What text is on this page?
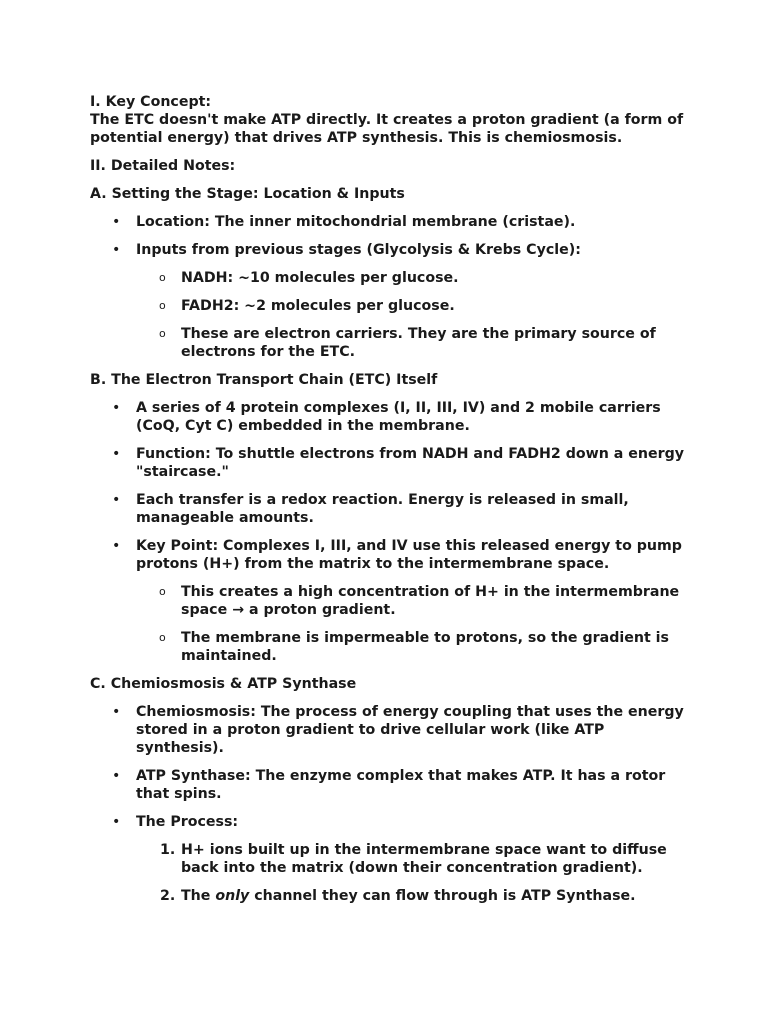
I. Key Concept:

The ETC doesn't make ATP directly. It creates a proton gradient (a form of potential energy) that drives ATP synthesis. This is chemiosmosis.

II. Detailed Notes:

A. Setting the Stage: Location & Inputs

• Location: The inner mitochondrial membrane (cristae).
• Inputs from previous stages (Glycolysis & Krebs Cycle):
o NADH: ~10 molecules per glucose.
o FADH2: ~2 molecules per glucose.
o These are electron carriers. They are the primary source of electrons for the ETC.

B. The Electron Transport Chain (ETC) Itself

• A series of 4 protein complexes (I, II, III, IV) and 2 mobile carriers (CoQ, Cyt C) embedded in the membrane.
• Function: To shuttle electrons from NADH and FADH2 down a energy "staircase."
• Each transfer is a redox reaction. Energy is released in small, manageable amounts.
• Key Point: Complexes I, III, and IV use this released energy to pump protons (H+) from the matrix to the intermembrane space.
o This creates a high concentration of H+ in the intermembrane space → a proton gradient.
o The membrane is impermeable to protons, so the gradient is maintained.

C. Chemiosmosis & ATP Synthase

• Chemiosmosis: The process of energy coupling that uses the energy stored in a proton gradient to drive cellular work (like ATP synthesis).
• ATP Synthase: The enzyme complex that makes ATP. It has a rotor that spins.
• The Process:
1. H+ ions built up in the intermembrane space want to diffuse back into the matrix (down their concentration gradient).
2. The only channel they can flow through is ATP Synthase.
